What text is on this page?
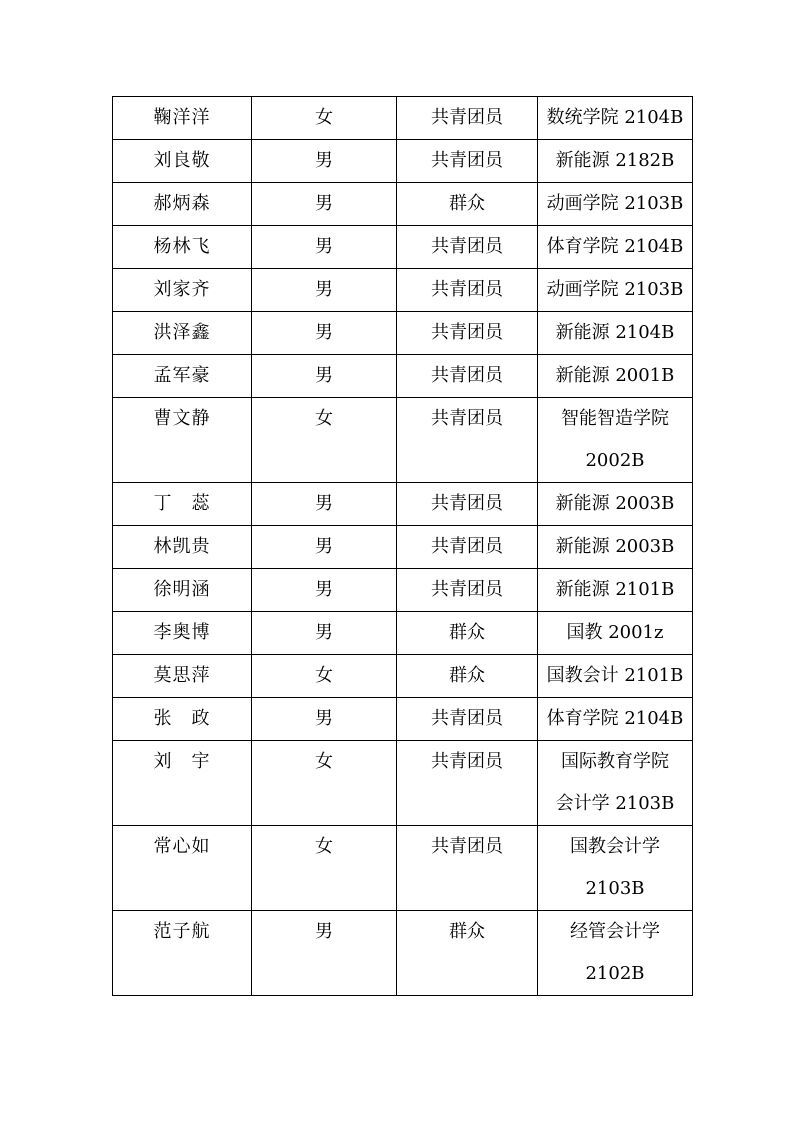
鞠洋洋	女	共青团员	数统学院 2104B

刘良敬	男	共青团员	新能源 2182B

郝炳森	男	群众	动画学院 2103B

杨林飞	男	共青团员	体育学院 2104B

刘家齐	男	共青团员	动画学院 2103B

洪泽鑫	男	共青团员	新能源 2104B

孟军豪	男	共青团员	新能源 2001B

曹文静	女	共青团员	智能智造学院
2002B

丁　蕊	男	共青团员	新能源 2003B

林凯贵	男	共青团员	新能源 2003B

徐明涵	男	共青团员	新能源 2101B

李奥博	男	群众	国教 2001z

莫思萍	女	群众	国教会计 2101B

张　政	男	共青团员	体育学院 2104B

刘　宇	女	共青团员	国际教育学院
会计学 2103B

常心如	女	共青团员	国教会计学
2103B

范子航	男	群众	经管会计学
2102B
